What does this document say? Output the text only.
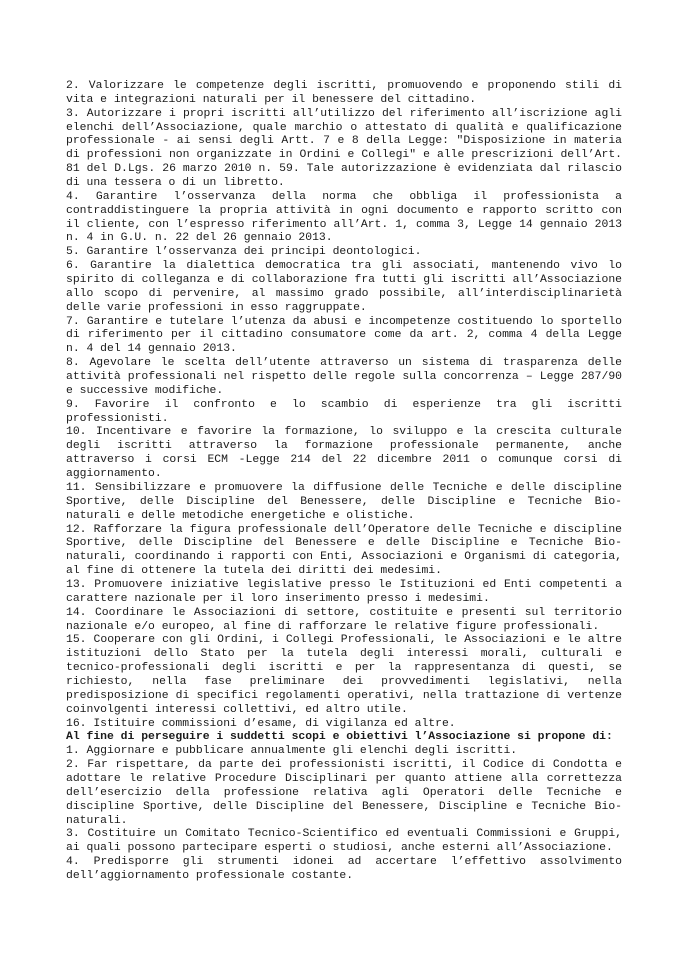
2. Valorizzare le competenze degli iscritti, promuovendo e proponendo stili di vita e integrazioni naturali per il benessere del cittadino.

3. Autorizzare i propri iscritti all’utilizzo del riferimento all’iscrizione agli elenchi dell’Associazione, quale marchio o attestato di qualità e qualificazione professionale - ai sensi degli Artt. 7 e 8 della Legge: "Disposizione in materia di professioni non organizzate in Ordini e Collegi" e alle prescrizioni dell’Art. 81 del D.Lgs. 26 marzo 2010 n. 59. Tale autorizzazione è evidenziata dal rilascio di una tessera o di un libretto.

4. Garantire l’osservanza della norma che obbliga il professionista a contraddistinguere la propria attività in ogni documento e rapporto scritto con il cliente, con l’espresso riferimento all’Art. 1, comma 3, Legge 14 gennaio 2013 n. 4 in G.U. n. 22 del 26 gennaio 2013.

5. Garantire l’osservanza dei principi deontologici.

6. Garantire la dialettica democratica tra gli associati, mantenendo vivo lo spirito di colleganza e di collaborazione fra tutti gli iscritti all’Associazione allo scopo di pervenire, al massimo grado possibile, all’interdisciplinarietà delle varie professioni in esso raggruppate.

7. Garantire e tutelare l’utenza da abusi e incompetenze costituendo lo sportello di riferimento per il cittadino consumatore come da art. 2, comma 4 della Legge n. 4 del 14 gennaio 2013.

8. Agevolare le scelta dell’utente attraverso un sistema di trasparenza delle attività professionali nel rispetto delle regole sulla concorrenza – Legge 287/90 e successive modifiche.

9. Favorire il confronto e lo scambio di esperienze tra gli iscritti professionisti.

10. Incentivare e favorire la formazione, lo sviluppo e la crescita culturale degli iscritti attraverso la formazione professionale permanente, anche attraverso i corsi ECM -Legge 214 del 22 dicembre 2011 o comunque corsi di aggiornamento.

11. Sensibilizzare e promuovere la diffusione delle Tecniche e delle discipline Sportive, delle Discipline del Benessere, delle Discipline e Tecniche Bio-naturali e delle metodiche energetiche e olistiche.

12. Rafforzare la figura professionale dell’Operatore delle Tecniche e discipline Sportive, delle Discipline del Benessere e delle Discipline e Tecniche Bio-naturali, coordinando i rapporti con Enti, Associazioni e Organismi di categoria, al fine di ottenere la tutela dei diritti dei medesimi.

13. Promuovere iniziative legislative presso le Istituzioni ed Enti competenti a carattere nazionale per il loro inserimento presso i medesimi.

14. Coordinare le Associazioni di settore, costituite e presenti sul territorio nazionale e/o europeo, al fine di rafforzare le relative figure professionali.

15. Cooperare con gli Ordini, i Collegi Professionali, le Associazioni e le altre istituzioni dello Stato per la tutela degli interessi morali, culturali e tecnico-professionali degli iscritti e per la rappresentanza di questi, se richiesto, nella fase preliminare dei provvedimenti legislativi, nella predisposizione di specifici regolamenti operativi, nella trattazione di vertenze coinvolgenti interessi collettivi, ed altro utile.

16. Istituire commissioni d’esame, di vigilanza ed altre.

Al fine di perseguire i suddetti scopi e obiettivi l’Associazione si propone di:

1. Aggiornare e pubblicare annualmente gli elenchi degli iscritti.

2. Far rispettare, da parte dei professionisti iscritti, il Codice di Condotta e adottare le relative Procedure Disciplinari per quanto attiene alla correttezza dell’esercizio della professione relativa agli Operatori delle Tecniche e discipline Sportive, delle Discipline del Benessere, Discipline e Tecniche Bio-naturali.

3. Costituire un Comitato Tecnico-Scientifico ed eventuali Commissioni e Gruppi, ai quali possono partecipare esperti o studiosi, anche esterni all’Associazione.

4. Predisporre gli strumenti idonei ad accertare l’effettivo assolvimento dell’aggiornamento professionale costante.
